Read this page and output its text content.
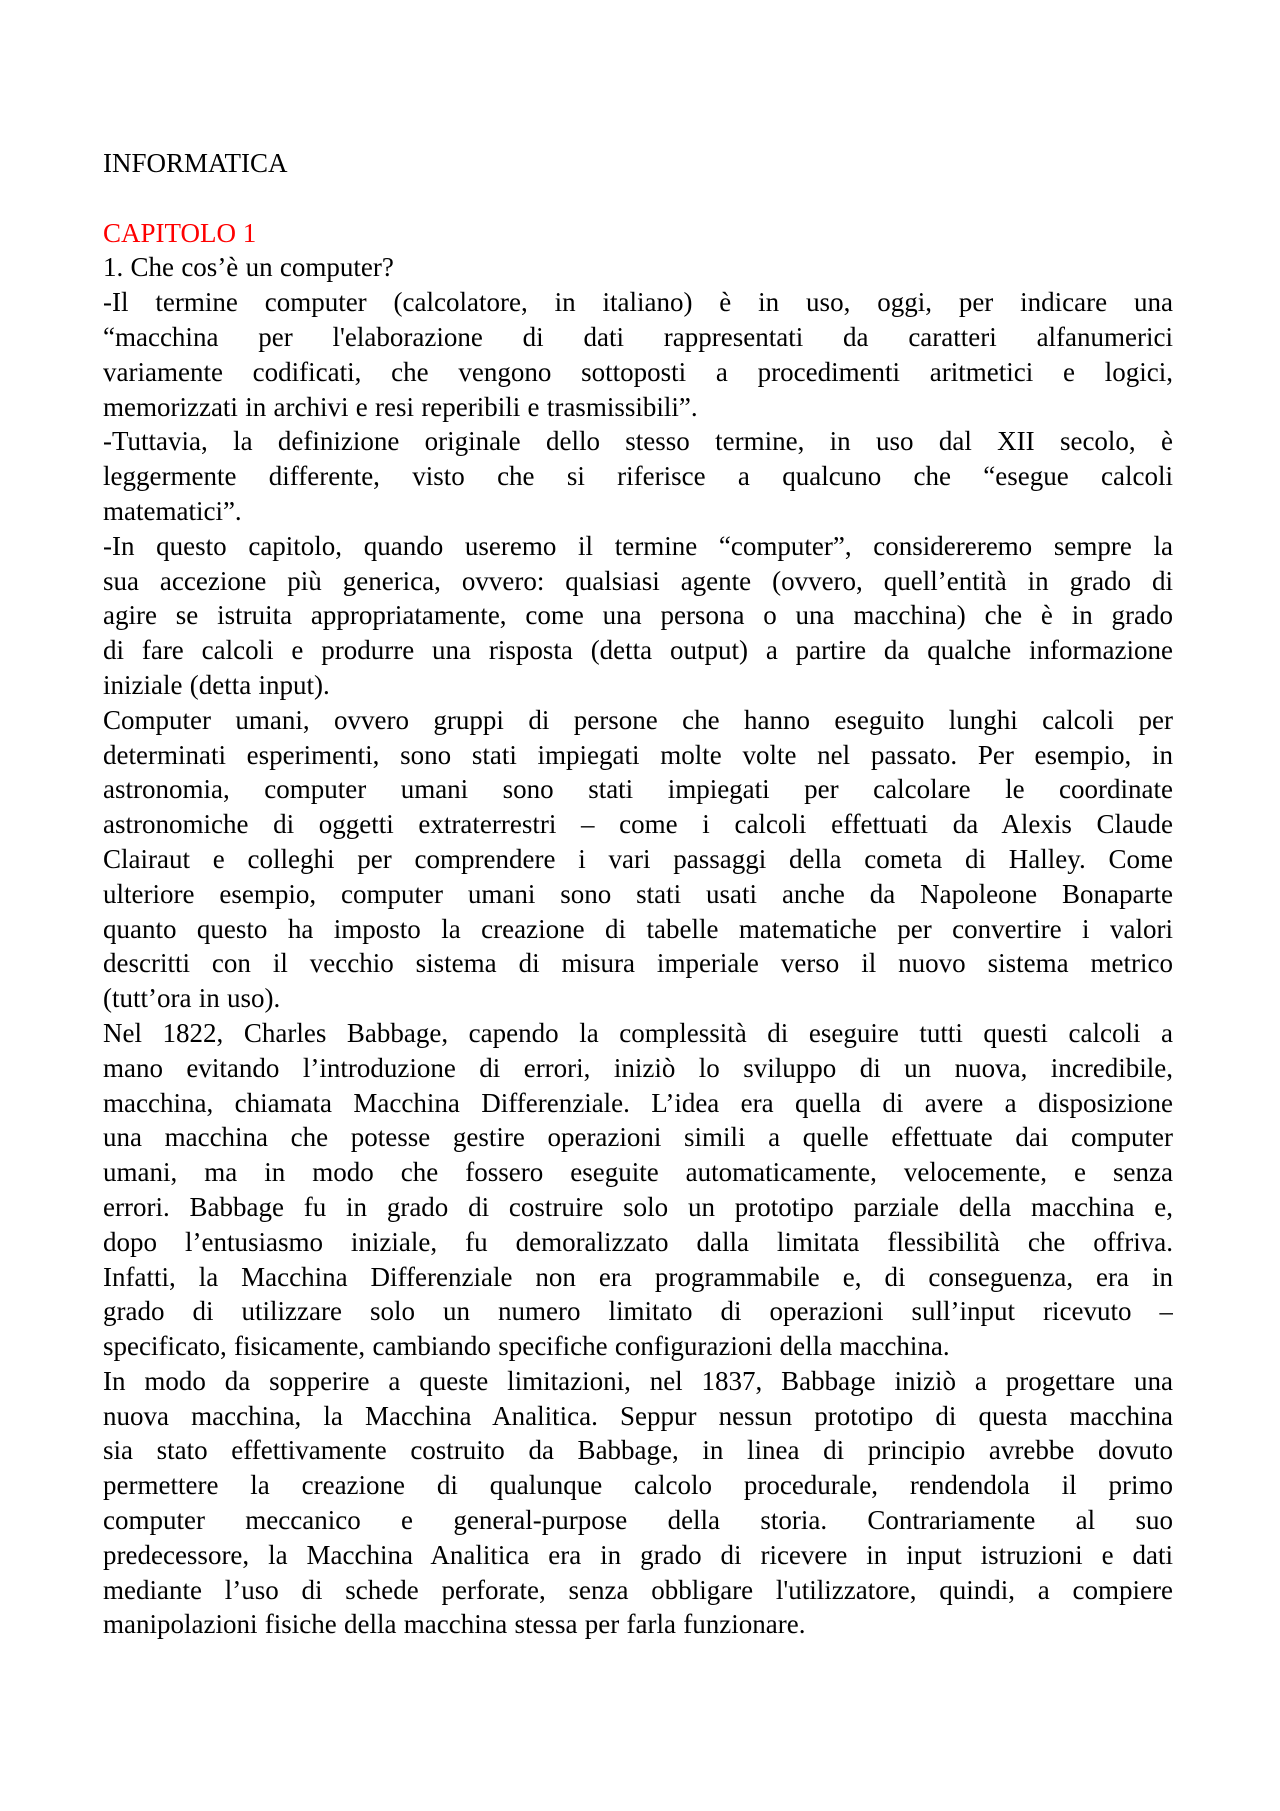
INFORMATICA
CAPITOLO 1
1. Che cos’è un computer?
-Il termine computer (calcolatore, in italiano) è in uso, oggi, per indicare una
“macchina per l'elaborazione di dati rappresentati da caratteri alfanumerici
variamente codificati, che vengono sottoposti a procedimenti aritmetici e logici,
memorizzati in archivi e resi reperibili e trasmissibili”.
-Tuttavia, la definizione originale dello stesso termine, in uso dal XII secolo, è
leggermente differente, visto che si riferisce a qualcuno che “esegue calcoli
matematici”.
-In questo capitolo, quando useremo il termine “computer”, considereremo sempre la
sua accezione più generica, ovvero: qualsiasi agente (ovvero, quell’entità in grado di
agire se istruita appropriatamente, come una persona o una macchina) che è in grado
di fare calcoli e produrre una risposta (detta output) a partire da qualche informazione
iniziale (detta input).
Computer umani, ovvero gruppi di persone che hanno eseguito lunghi calcoli per
determinati esperimenti, sono stati impiegati molte volte nel passato. Per esempio, in
astronomia, computer umani sono stati impiegati per calcolare le coordinate
astronomiche di oggetti extraterrestri – come i calcoli effettuati da Alexis Claude
Clairaut e colleghi per comprendere i vari passaggi della cometa di Halley. Come
ulteriore esempio, computer umani sono stati usati anche da Napoleone Bonaparte
quanto questo ha imposto la creazione di tabelle matematiche per convertire i valori
descritti con il vecchio sistema di misura imperiale verso il nuovo sistema metrico
(tutt’ora in uso).
Nel 1822, Charles Babbage, capendo la complessità di eseguire tutti questi calcoli a
mano evitando l’introduzione di errori, iniziò lo sviluppo di un nuova, incredibile,
macchina, chiamata Macchina Differenziale. L’idea era quella di avere a disposizione
una macchina che potesse gestire operazioni simili a quelle effettuate dai computer
umani, ma in modo che fossero eseguite automaticamente, velocemente, e senza
errori. Babbage fu in grado di costruire solo un prototipo parziale della macchina e,
dopo l’entusiasmo iniziale, fu demoralizzato dalla limitata flessibilità che offriva.
Infatti, la Macchina Differenziale non era programmabile e, di conseguenza, era in
grado di utilizzare solo un numero limitato di operazioni sull’input ricevuto –
specificato, fisicamente, cambiando specifiche configurazioni della macchina.
In modo da sopperire a queste limitazioni, nel 1837, Babbage iniziò a progettare una
nuova macchina, la Macchina Analitica. Seppur nessun prototipo di questa macchina
sia stato effettivamente costruito da Babbage, in linea di principio avrebbe dovuto
permettere la creazione di qualunque calcolo procedurale, rendendola il primo
computer meccanico e general-purpose della storia. Contrariamente al suo
predecessore, la Macchina Analitica era in grado di ricevere in input istruzioni e dati
mediante l’uso di schede perforate, senza obbligare l'utilizzatore, quindi, a compiere
manipolazioni fisiche della macchina stessa per farla funzionare.
